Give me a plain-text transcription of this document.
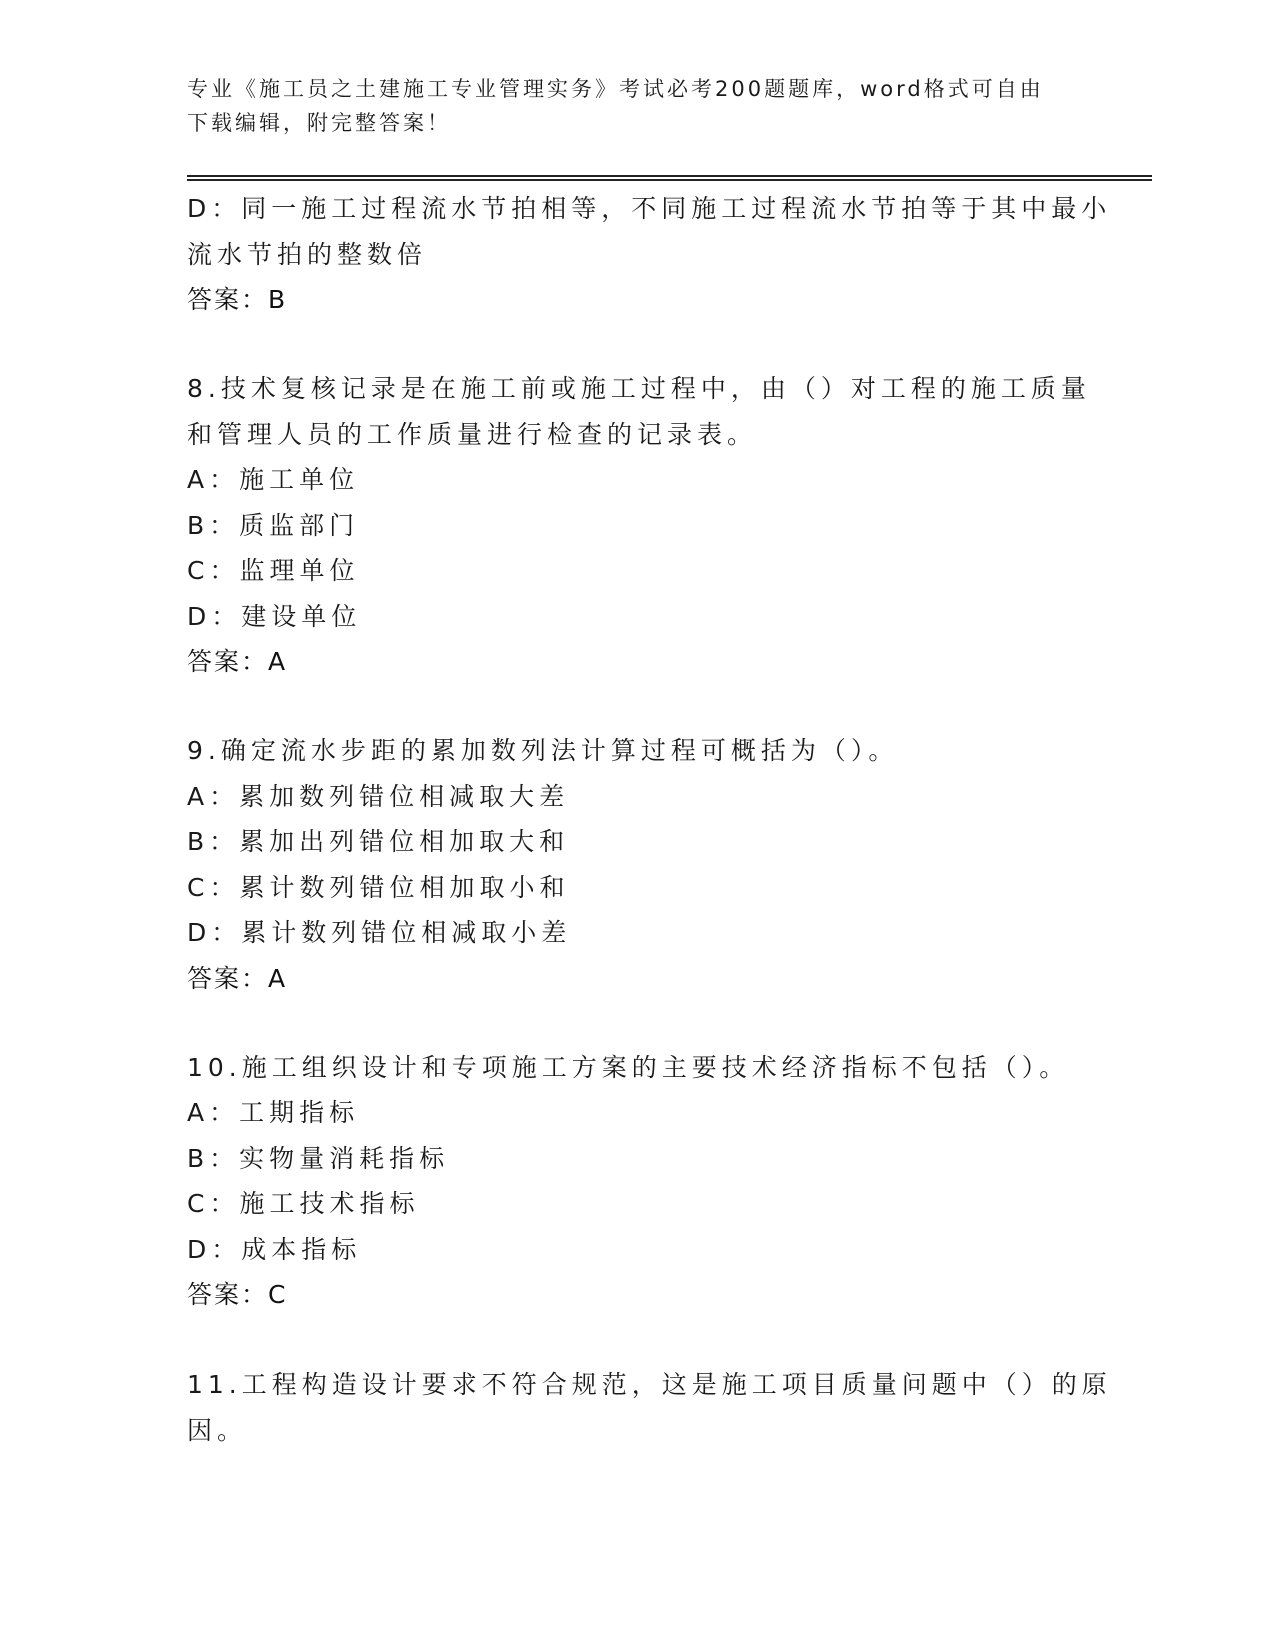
专业《施工员之土建施工专业管理实务》考试必考200题题库，word格式可自由
下载编辑，附完整答案！
D：同一施工过程流水节拍相等，不同施工过程流水节拍等于其中最小
流水节拍的整数倍
答案：B
8.技术复核记录是在施工前或施工过程中，由（）对工程的施工质量
和管理人员的工作质量进行检查的记录表。
A：施工单位
B：质监部门
C：监理单位
D：建设单位
答案：A
9.确定流水步距的累加数列法计算过程可概括为（）。
A：累加数列错位相减取大差
B：累加出列错位相加取大和
C：累计数列错位相加取小和
D：累计数列错位相减取小差
答案：A
10.施工组织设计和专项施工方案的主要技术经济指标不包括（）。
A：工期指标
B：实物量消耗指标
C：施工技术指标
D：成本指标
答案：C
11.工程构造设计要求不符合规范，这是施工项目质量问题中（）的原
因。
